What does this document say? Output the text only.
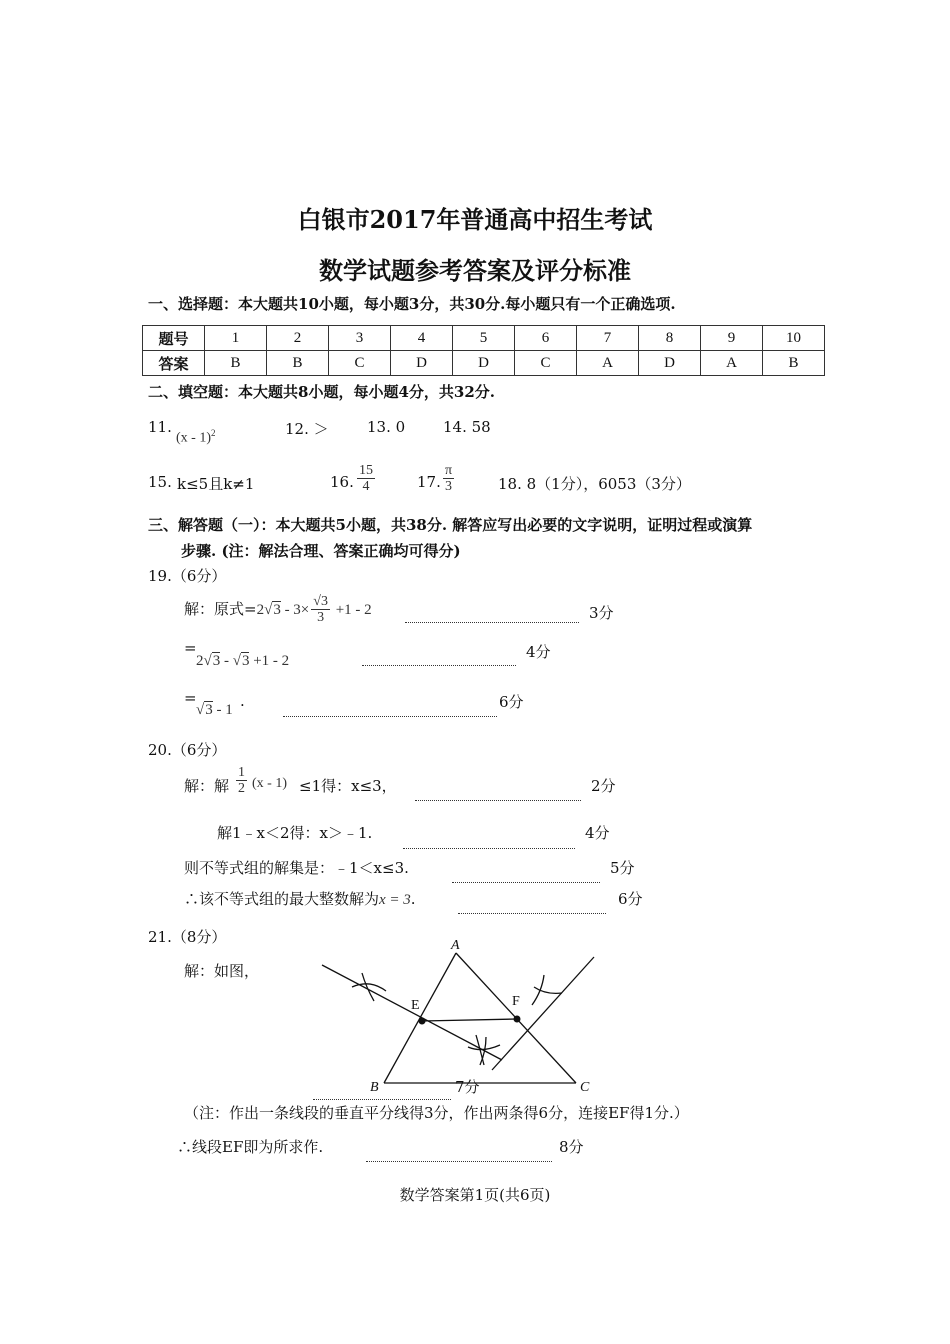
白银市2017年普通高中招生考试
数学试题参考答案及评分标准
一、选择题：本大题共10小题，每小题3分，共30分.每小题只有一个正确选项.
题号	1	2	3	4	5	6	7	8	9	10
答案	B	B	C	D	D	C	A	D	A	B
二、填空题：本大题共8小题，每小题4分，共32分.
11.
(x - 1)$^2$	12. ＞	13. 0	14. 58
15. k≤5且k≠1	16. $\frac{15}{4}$	17. $\frac{\pi}{3}$	18. 8（1分），6053（3分）
三、解答题（一）：本大题共5小题，共38分. 解答应写出必要的文字说明，证明过程或演算
步骤. (注：解法合理、答案正确均可得分)
19.（6分）
解：原式$=2√3 - 3\times \frac{√3}{3} +1 - 2$	3分
=
2√3 - √3 +1 - 2	4分
=
√3 - 1 .	6分
20.（6分）
解：解 $\frac{1}{2} (x - 1) \le 1$得：x≤3，	2分
解1﹣x＜2得：x＞﹣1.	4分
则不等式组的解集是：﹣1＜x≤3.	5分
∴该不等式组的最大整数解为x = 3.	6分
21.（8分）
解：如图，
A
B	C
E	F
7分
（注：作出一条线段的垂直平分线得3分，作出两条得6分，连接EF得1分.）
∴线段EF即为所求作.	8分
数学答案第1页(共6页)
